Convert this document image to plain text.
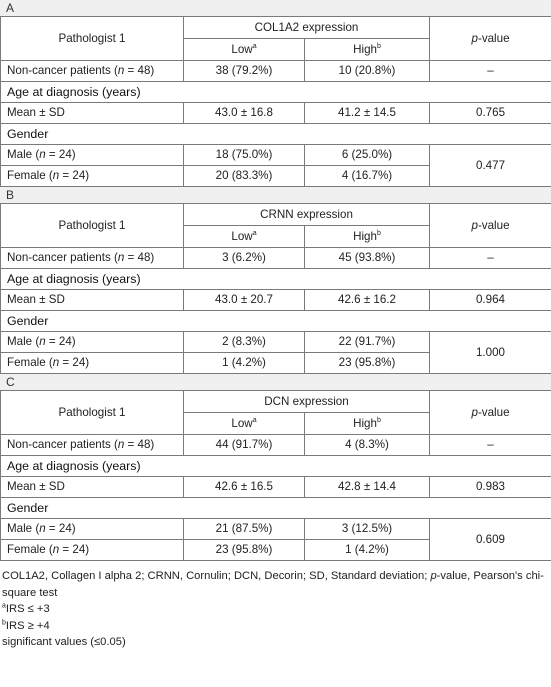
A
Pathologist 1	COL1A2 expression		p-value
	Low$^a$	High$^b$
Non-cancer patients (n = 48)	38 (79.2%)	10 (20.8%)	–
Age at diagnosis (years)			
Mean ± SD	43.0 ± 16.8	41.2 ± 14.5	0.765
Gender			
Male (n = 24)	18 (75.0%)	6 (25.0%)	0.477
Female (n = 24)	20 (83.3%)	4 (16.7%)	
B
Pathologist 1	CRNN expression		p-value
	Low$^a$	High$^b$
Non-cancer patients (n = 48)	3 (6.2%)	45 (93.8%)	–
Age at diagnosis (years)			
Mean ± SD	43.0 ± 20.7	42.6 ± 16.2	0.964
Gender			
Male (n = 24)	2 (8.3%)	22 (91.7%)	1.000
Female (n = 24)	1 (4.2%)	23 (95.8%)	
C
Pathologist 1	DCN expression		p-value
	Low$^a$	High$^b$
Non-cancer patients (n = 48)	44 (91.7%)	4 (8.3%)	–
Age at diagnosis (years)			
Mean ± SD	42.6 ± 16.5	42.8 ± 14.4	0.983
Gender			
Male (n = 24)	21 (87.5%)	3 (12.5%)	0.609
Female (n = 24)	23 (95.8%)	1 (4.2%)	
COL1A2, Collagen I alpha 2; CRNN, Cornulin; DCN, Decorin; SD, Standard deviation; p-value, Pearson's chi-square test
$^a$IRS ≤ +3
$^b$IRS ≥ +4
significant values (≤0.05)
